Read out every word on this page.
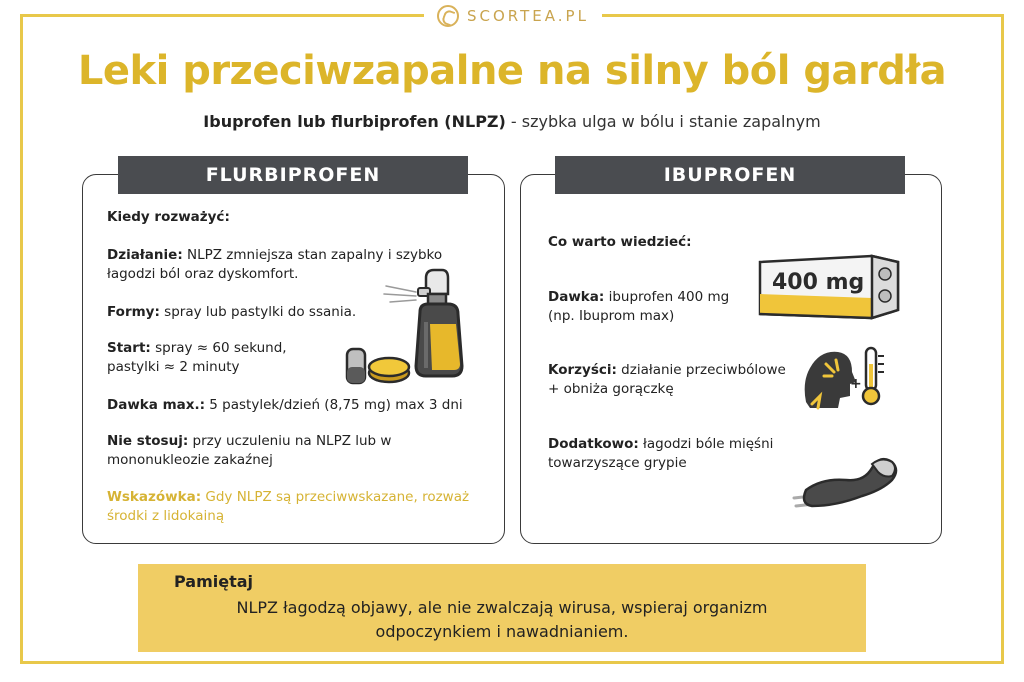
SCORTEA.PL
Leki przeciwzapalne na silny ból gardła

Ibuprofen lub flurbiprofen (NLPZ) - szybka ulga w bólu i stanie zapalnym

FLURBIPROFEN
Kiedy rozważyć:
Działanie: NLPZ zmniejsza stan zapalny i szybko
łagodzi ból oraz dyskomfort.
Formy: spray lub pastylki do ssania.
Start: spray ≈ 60 sekund,
pastylki ≈ 2 minuty
Dawka max.: 5 pastylek/dzień (8,75 mg) max 3 dni
Nie stosuj: przy uczuleniu na NLPZ lub w
mononukleozie zakaźnej
Wskazówka: Gdy NLPZ są przeciwwskazane, rozważ
środki z lidokainą
IBUPROFEN
Co warto wiedzieć:
Dawka: ibuprofen 400 mg
(np. Ibuprom max)
Korzyści: działanie przeciwbólowe
+ obniża gorączkę
Dodatkowo: łagodzi bóle mięśni
towarzyszące grypie
400 mg
+
Pamiętaj
NLPZ łagodzą objawy, ale nie zwalczają wirusa, wspieraj organizm
odpoczynkiem i nawadnianiem.
